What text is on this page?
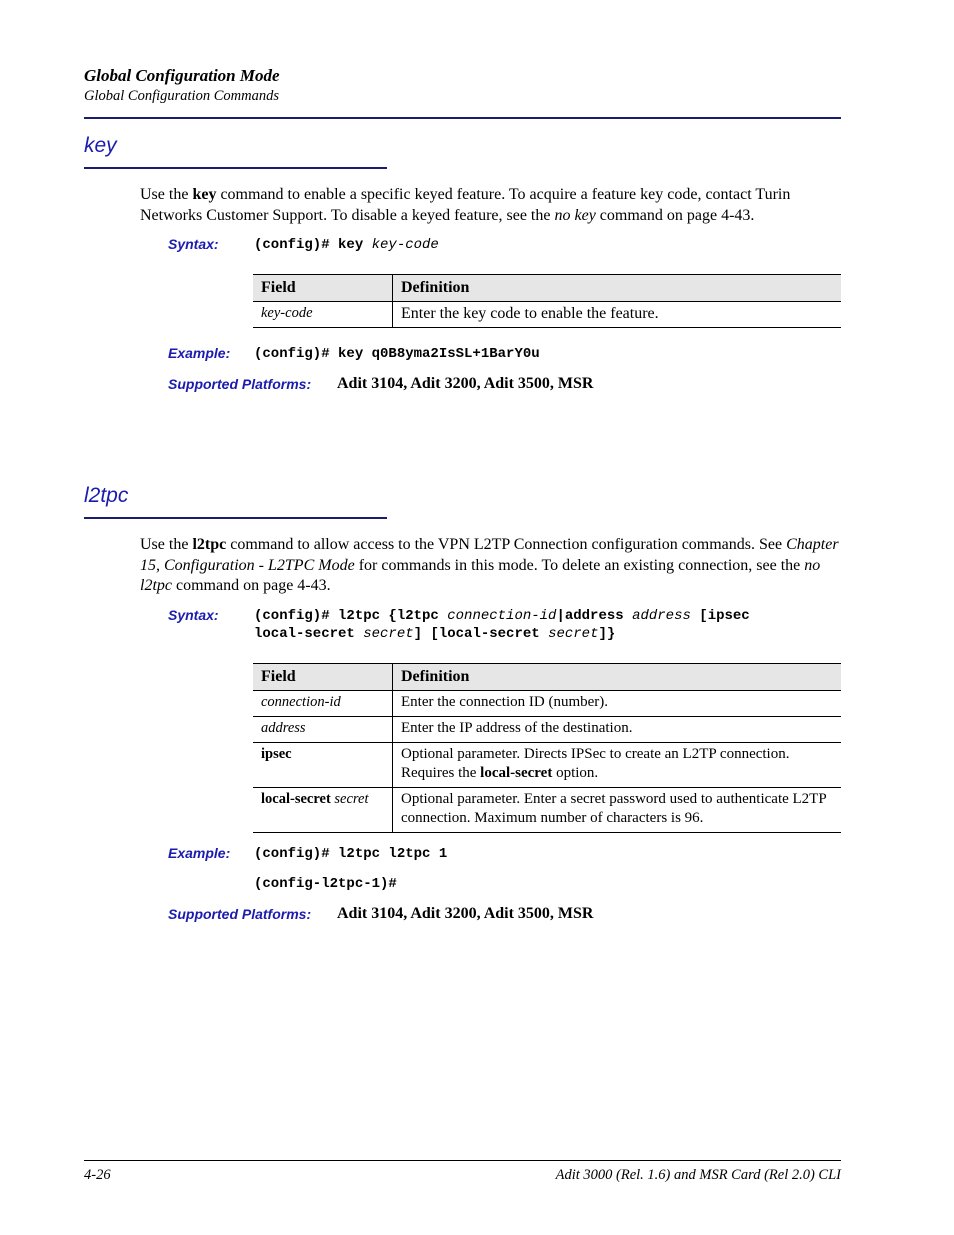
Global Configuration Mode
Global Configuration Commands
key
Use the key command to enable a specific keyed feature. To acquire a feature key code, contact Turin Networks Customer Support. To disable a keyed feature, see the no key command on page 4-43.
Syntax:	(config)# key key-code
Field	Definition
key-code	Enter the key code to enable the feature.
Example: (config)# key q0B8yma2IsSL+1BarY0u
Supported Platforms: Adit 3104, Adit 3200, Adit 3500, MSR
l2tpc
Use the l2tpc command to allow access to the VPN L2TP Connection configuration commands. See Chapter 15, Configuration - L2TPC Mode for commands in this mode. To delete an existing connection, see the no l2tpc command on page 4-43.
Syntax:	(config)# l2tpc {l2tpc connection-id|address address [ipsec
local-secret secret] [local-secret secret]}
Field	Definition
connection-id	Enter the connection ID (number).
address	Enter the IP address of the destination.
ipsec	Optional parameter. Directs IPSec to create an L2TP connection. Requires the local-secret option.
local-secret secret	Optional parameter. Enter a secret password used to authenticate L2TP connection. Maximum number of characters is 96.
Example: (config)# l2tpc l2tpc 1
(config-l2tpc-1)#
Supported Platforms: Adit 3104, Adit 3200, Adit 3500, MSR
4-26	Adit 3000 (Rel. 1.6) and MSR Card (Rel 2.0) CLI
